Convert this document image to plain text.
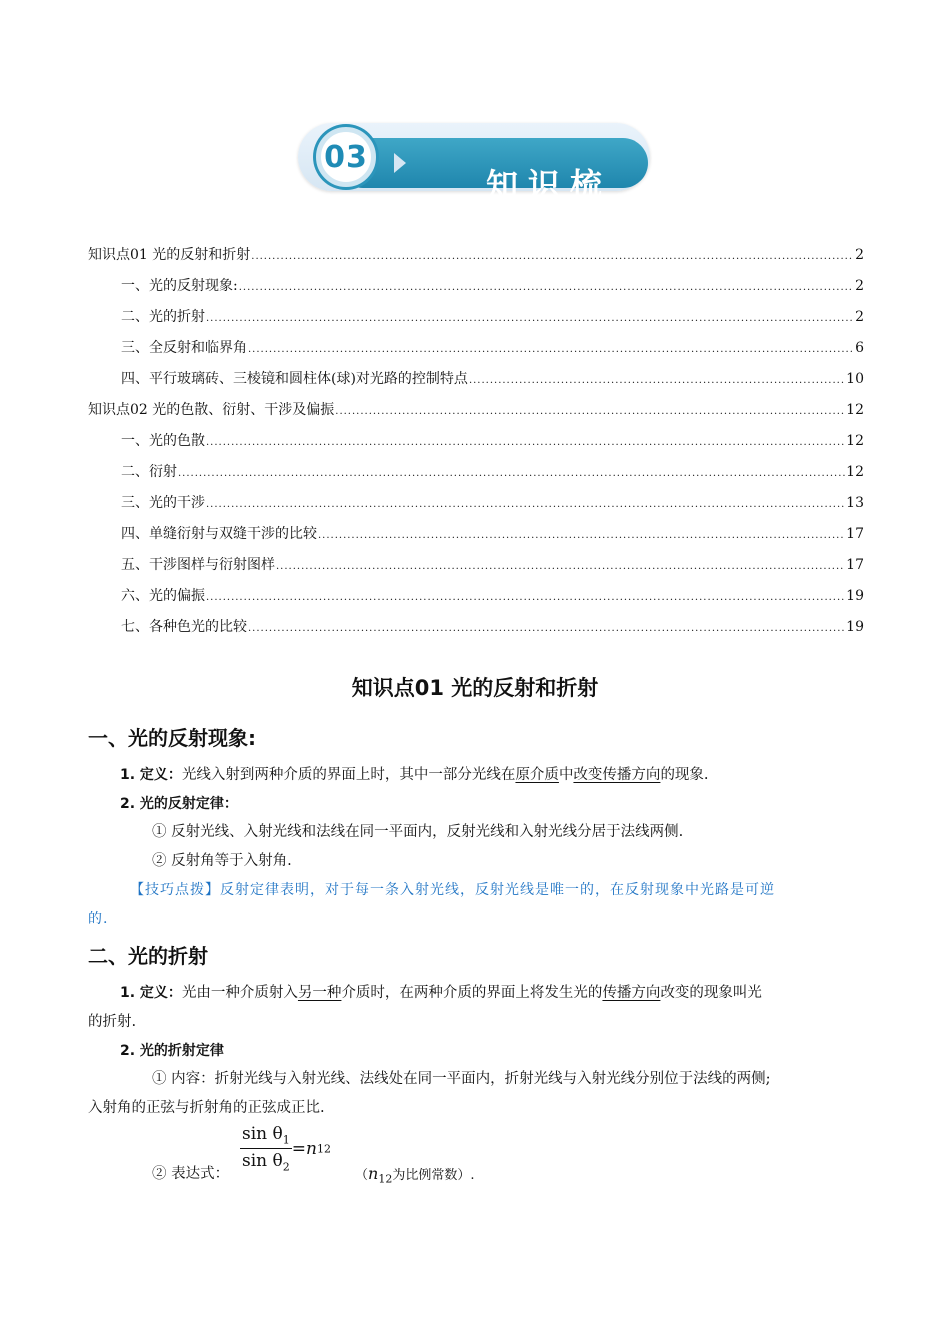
知识梳理
03
知识点01 光的反射和折射 .....	2
一、光的反射现象: .....	2
二、光的折射 .....	2
三、全反射和临界角 .....	6
四、平行玻璃砖、三棱镜和圆柱体(球)对光路的控制特点 .....	10
知识点02 光的色散、衍射、干涉及偏振 .....	12
一、光的色散 .....	12
二、衍射 .....	12
三、光的干涉 .....	13
四、单缝衍射与双缝干涉的比较 .....	17
五、干涉图样与衍射图样 .....	17
六、光的偏振 .....	19
七、各种色光的比较 .....	19
知识点01 光的反射和折射
一、光的反射现象:
1. 定义：光线入射到两种介质的界面上时，其中一部分光线在原介质中改变传播方向的现象.
2. 光的反射定律：
① 反射光线、入射光线和法线在同一平面内，反射光线和入射光线分居于法线两侧.
② 反射角等于入射角.
【技巧点拨】反射定律表明，对于每一条入射光线，反射光线是唯一的，在反射现象中光路是可逆
的.
二、光的折射
1. 定义：光由一种介质射入另一种介质时，在两种介质的界面上将发生光的传播方向改变的现象叫光
的折射.
2. 光的折射定律
① 内容：折射光线与入射光线、法线处在同一平面内，折射光线与入射光线分别位于法线的两侧;
入射角的正弦与折射角的正弦成正比.
② 表达式：
$\frac{\sin \theta_1}{\sin \theta_2} =n12$
（$n_{12}$为比例常数）.
